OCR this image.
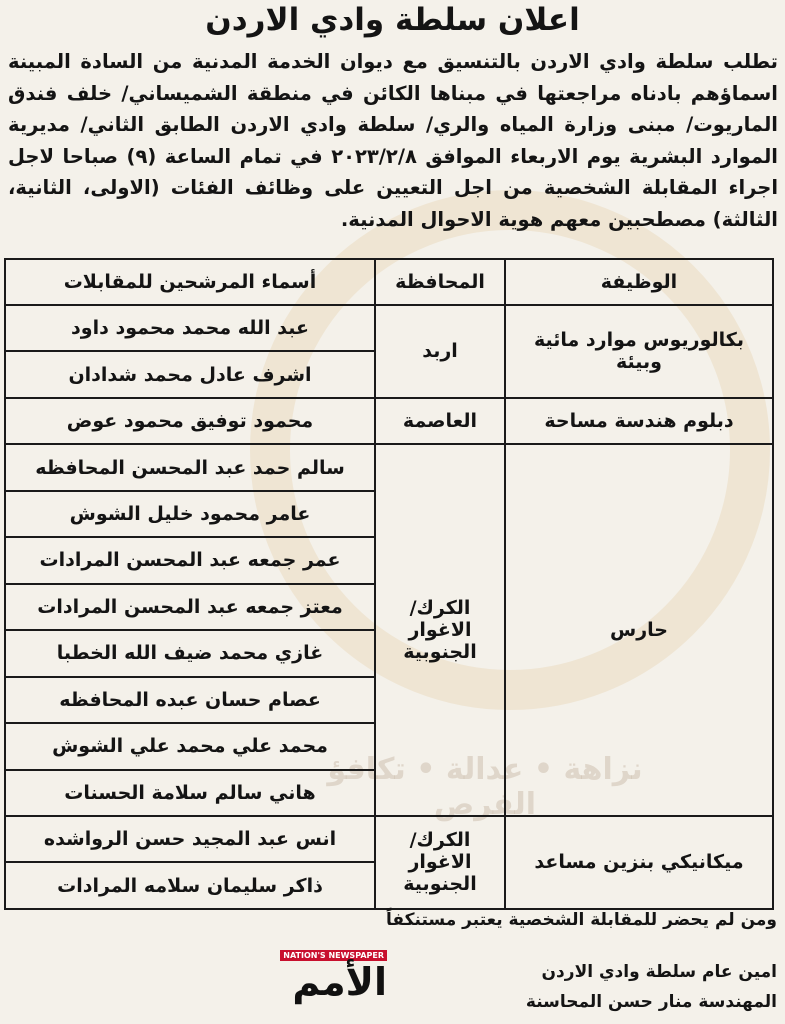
نزاهة • عدالة • تكافؤ الفرص
اعلان سلطة وادي الاردن
تطلب سلطة وادي الاردن بالتنسيق مع ديوان الخدمة المدنية من السادة المبينة اسماؤهم بادناه مراجعتها في مبناها الكائن في منطقة الشميساني/ خلف فندق الماريوت/ مبنى وزارة المياه والري/ سلطة وادي الاردن الطابق الثاني/ مديرية الموارد البشرية يوم الاربعاء الموافق ٢٠٢٣/٢/٨ في تمام الساعة (٩) صباحا لاجل اجراء المقابلة الشخصية من اجل التعيين على وظائف الفئات (الاولى، الثانية، الثالثة) مصطحبين معهم هوية الاحوال المدنية.
الوظيفة	المحافظة	أسماء المرشحين للمقابلات
بكالوريوس موارد مائية وبيئة	اربد	عبد الله محمد محمود داود
		اشرف عادل محمد شدادان
دبلوم هندسة مساحة	العاصمة	محمود توفيق محمود عوض
حارس	الكرك/الاغوار الجنوبية	سالم حمد عبد المحسن المحافظه
		عامر محمود خليل الشوش
		عمر جمعه عبد المحسن المرادات
		معتز جمعه عبد المحسن المرادات
		غازي محمد ضيف الله الخطبا
		عصام حسان عبده المحافظه
		محمد علي محمد علي الشوش
		هاني سالم سلامة الحسنات
ميكانيكي بنزين مساعد	الكرك/الاغوار الجنوبية	انس عبد المجيد حسن الرواشده
		ذاكر سليمان سلامه المرادات
ومن لم يحضر للمقابلة الشخصية يعتبر مستنكفاً
NATION'S NEWSPAPER
الأمم	امين عام سلطة وادي الاردن
المهندسة منار حسن المحاسنة
